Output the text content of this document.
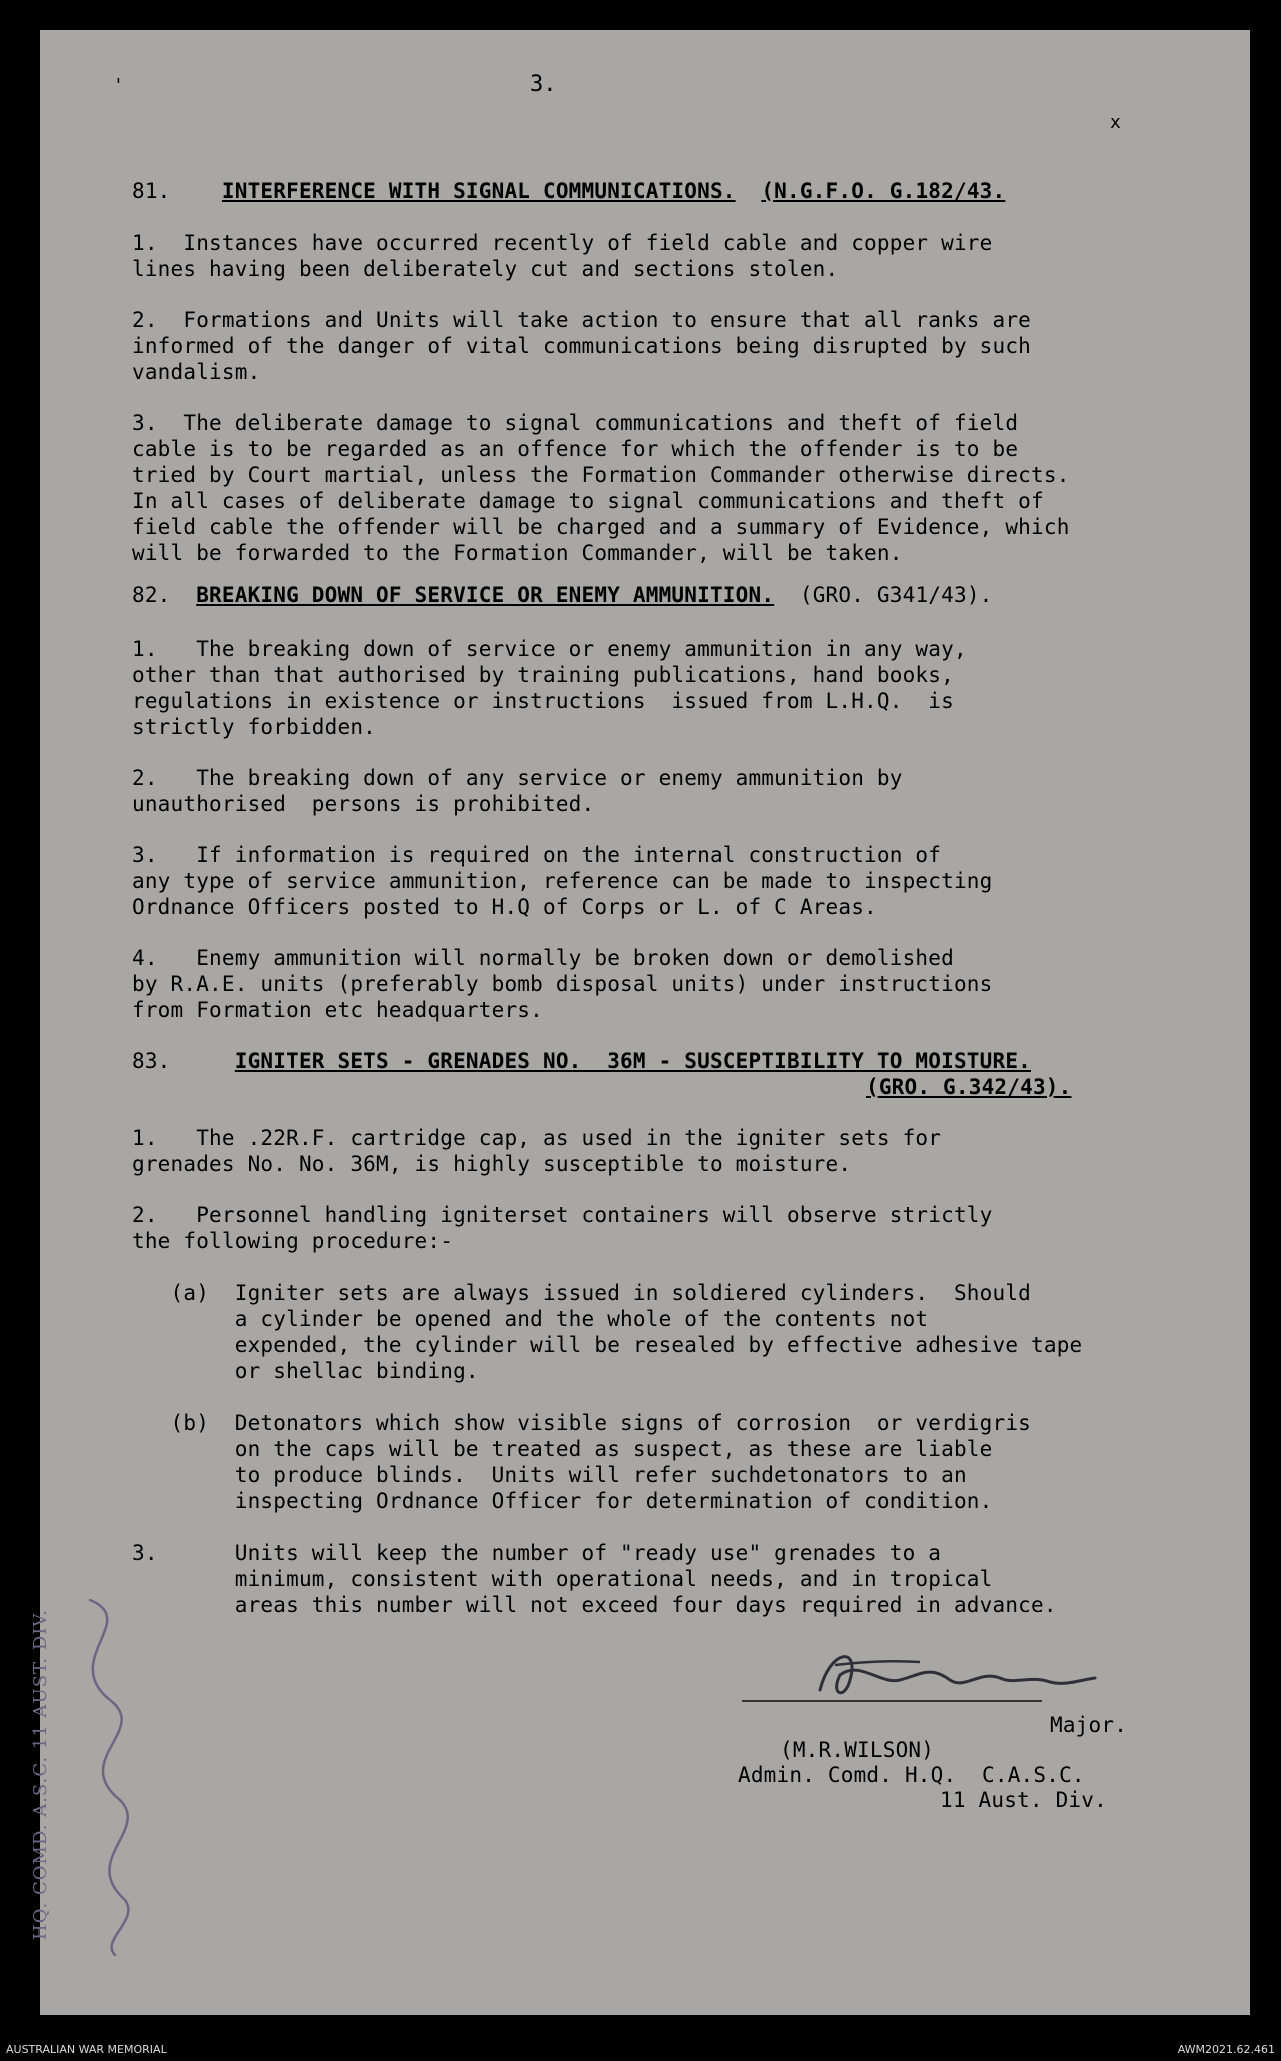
'	3.
x
81. INTERFERENCE WITH SIGNAL COMMUNICATIONS. (N.G.F.O. G.182/43.
1.  Instances have occurred recently of field cable and copper wire
lines having been deliberately cut and sections stolen.
2.  Formations and Units will take action to ensure that all ranks are
informed of the danger of vital communications being disrupted by such
vandalism.
3.  The deliberate damage to signal communications and theft of field
cable is to be regarded as an offence for which the offender is to be
tried by Court martial, unless the Formation Commander otherwise directs.
In all cases of deliberate damage to signal communications and theft of
field cable the offender will be charged and a summary of Evidence, which
will be forwarded to the Formation Commander, will be taken.
82. BREAKING DOWN OF SERVICE OR ENEMY AMMUNITION. (GRO. G341/43).
1.   The breaking down of service or enemy ammunition in any way,
other than that authorised by training publications, hand books,
regulations in existence or instructions  issued from L.H.Q.  is
strictly forbidden.
2.   The breaking down of any service or enemy ammunition by
unauthorised  persons is prohibited.
3.   If information is required on the internal construction of
any type of service ammunition, reference can be made to inspecting
Ordnance Officers posted to H.Q of Corps or L. of C Areas.
4.   Enemy ammunition will normally be broken down or demolished
by R.A.E. units (preferably bomb disposal units) under instructions
from Formation etc headquarters.
83.	IGNITER SETS - GRENADES NO.  36M - SUSCEPTIBILITY TO MOISTURE.
(GRO. G.342/43).
1.   The .22R.F. cartridge cap, as used in the igniter sets for
grenades No. No. 36M, is highly susceptible to moisture.
2.   Personnel handling igniterset containers will observe strictly
the following procedure:-
(a)  Igniter sets are always issued in soldiered cylinders.  Should
a cylinder be opened and the whole of the contents not
expended, the cylinder will be resealed by effective adhesive tape
or shellac binding.
(b)  Detonators which show visible signs of corrosion  or verdigris
on the caps will be treated as suspect, as these are liable
to produce blinds.  Units will refer suchdetonators to an
inspecting Ordnance Officer for determination of condition.
3.      Units will keep the number of "ready use" grenades to a
minimum, consistent with operational needs, and in tropical
areas this number will not exceed four days required in advance.
Major.
(M.R.WILSON)
Admin. Comd. H.Q.  C.A.S.C.
11 Aust. Div.
HQ. COMD. A.S.C. 11 AUST. DIV.
AUSTRALIAN WAR MEMORIAL	AWM2021.62.461
